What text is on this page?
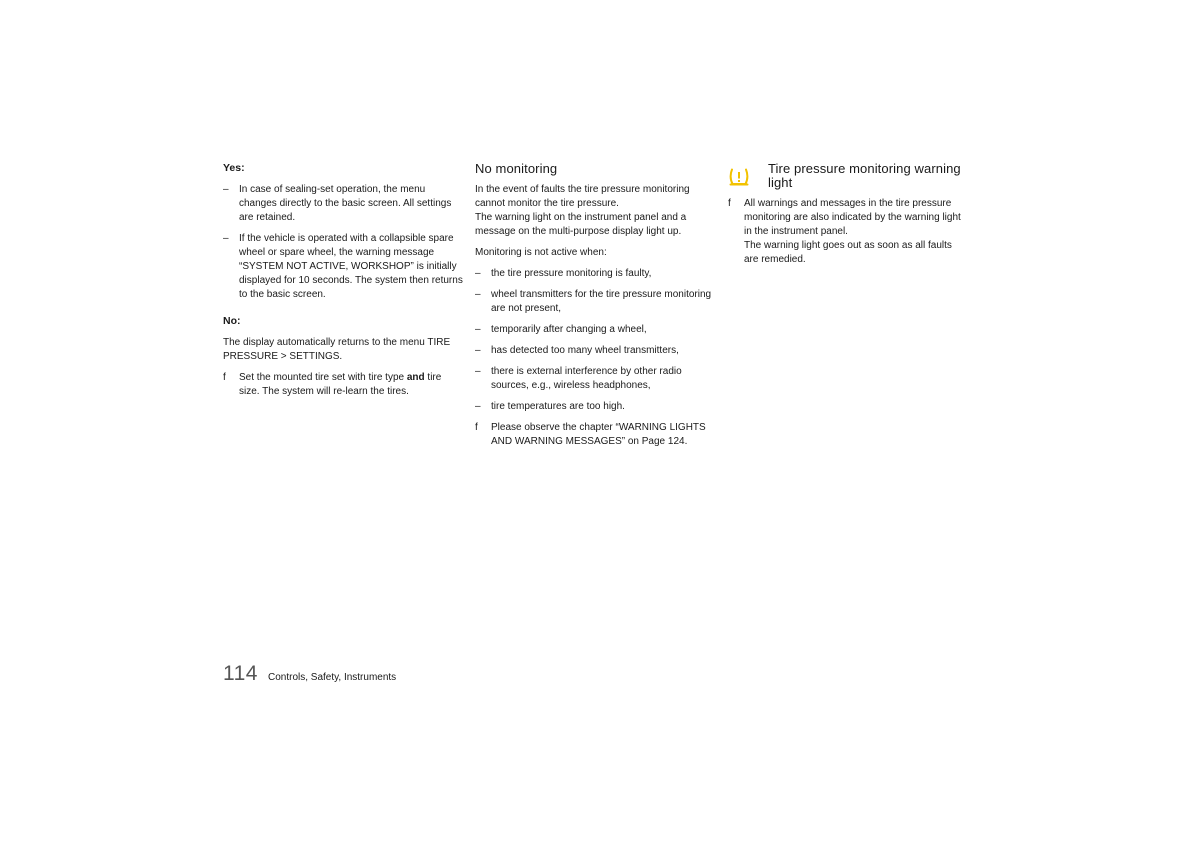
Yes:
–	In case of sealing-set operation, the menu changes directly to the basic screen. All settings are retained.
–	If the vehicle is operated with a collapsible spare wheel or spare wheel, the warning message “SYSTEM NOT ACTIVE, WORKSHOP” is initially displayed for 10 seconds. The system then returns to the basic screen.
No:
The display automatically returns to the menu TIRE PRESSURE > SETTINGS.
f	Set the mounted tire set with tire type and tire size. The system will re-learn the tires.
No monitoring
In the event of faults the tire pressure monitoring cannot monitor the tire pressure.
The warning light on the instrument panel and a message on the multi-purpose display light up.
Monitoring is not active when:
–	the tire pressure monitoring is faulty,
–	wheel transmitters for the tire pressure monitoring are not present,
–	temporarily after changing a wheel,
–	has detected too many wheel transmitters,
–	there is external interference by other radio sources, e.g., wireless headphones,
–	tire temperatures are too high.
f	Please observe the chapter “WARNING LIGHTS AND WARNING MESSAGES” on Page 124.
Tire pressure monitoring warning light
f	All warnings and messages in the tire pressure monitoring are also indicated by the warning light in the instrument panel.
The warning light goes out as soon as all faults are remedied.
114 Controls, Safety, Instruments
